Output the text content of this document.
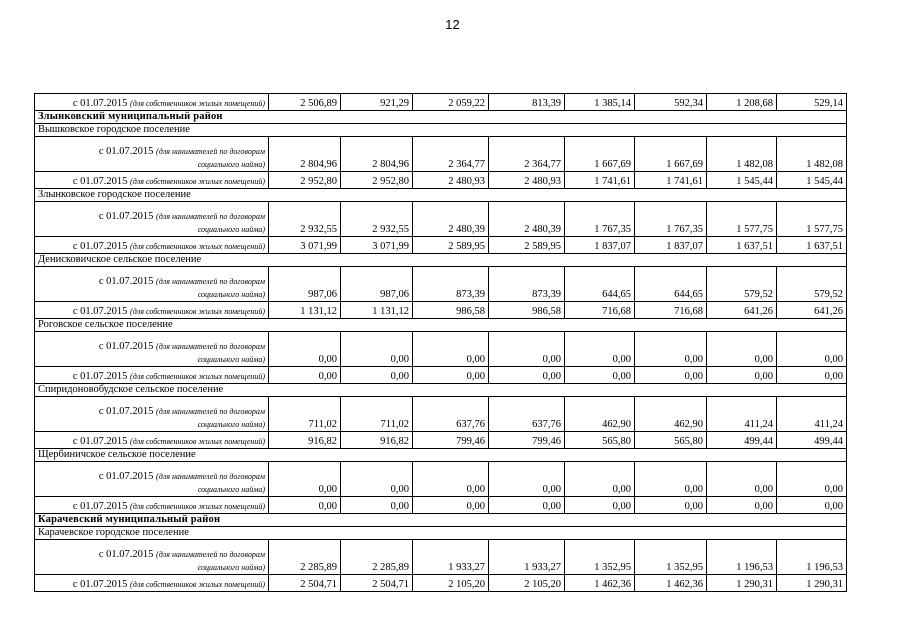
12
с 01.07.2015 (для собственников жилых помещений)	2 506,89	921,29	2 059,22	813,39	1 385,14	592,34	1 208,68	529,14
Злынковский муниципальный район								
Вышковское городское поселение								

с 01.07.2015 (для нанимателей по договорам
социального найма)	2 804,96	2 804,96	2 364,77	2 364,77	1 667,69	1 667,69	1 482,08	1 482,08
с 01.07.2015 (для собственников жилых помещений)	2 952,80	2 952,80	2 480,93	2 480,93	1 741,61	1 741,61	1 545,44	1 545,44
Злынковское городское поселение								

с 01.07.2015 (для нанимателей по договорам
социального найма)	2 932,55	2 932,55	2 480,39	2 480,39	1 767,35	1 767,35	1 577,75	1 577,75
с 01.07.2015 (для собственников жилых помещений)	3 071,99	3 071,99	2 589,95	2 589,95	1 837,07	1 837,07	1 637,51	1 637,51
Денисковичское сельское поселение								

с 01.07.2015 (для нанимателей по договорам
социального найма)	987,06	987,06	873,39	873,39	644,65	644,65	579,52	579,52
с 01.07.2015 (для собственников жилых помещений)	1 131,12	1 131,12	986,58	986,58	716,68	716,68	641,26	641,26
Роговское сельское поселение								

с 01.07.2015 (для нанимателей по договорам
социального найма)	0,00	0,00	0,00	0,00	0,00	0,00	0,00	0,00
с 01.07.2015 (для собственников жилых помещений)	0,00	0,00	0,00	0,00	0,00	0,00	0,00	0,00
Спиридоновобудское сельское поселение								

с 01.07.2015 (для нанимателей по договорам
социального найма)	711,02	711,02	637,76	637,76	462,90	462,90	411,24	411,24
с 01.07.2015 (для собственников жилых помещений)	916,82	916,82	799,46	799,46	565,80	565,80	499,44	499,44
Щербиничское сельское поселение								

с 01.07.2015 (для нанимателей по договорам
социального найма)	0,00	0,00	0,00	0,00	0,00	0,00	0,00	0,00
с 01.07.2015 (для собственников жилых помещений)	0,00	0,00	0,00	0,00	0,00	0,00	0,00	0,00
Карачевский муниципальный район								
Карачевское городское поселение								

с 01.07.2015 (для нанимателей по договорам
социального найма)	2 285,89	2 285,89	1 933,27	1 933,27	1 352,95	1 352,95	1 196,53	1 196,53
с 01.07.2015 (для собственников жилых помещений)	2 504,71	2 504,71	2 105,20	2 105,20	1 462,36	1 462,36	1 290,31	1 290,31
